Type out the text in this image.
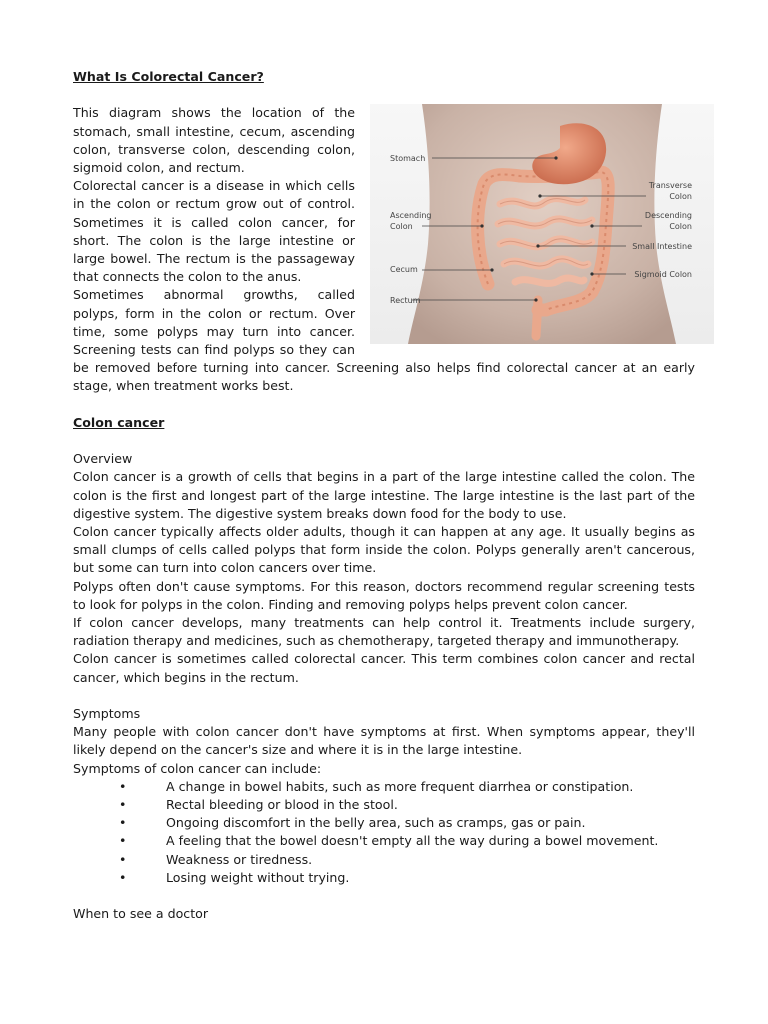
What Is Colorectal Cancer?

Stomach
Ascending
Colon
Cecum
Rectum
Transverse
Colon
Descending
Colon
Small Intestine
Sigmoid Colon

This diagram shows the location of the stomach, small intestine, cecum, ascending colon, transverse colon, descending colon, sigmoid colon, and rectum.

Colorectal cancer is a disease in which cells in the colon or rectum grow out of control. Sometimes it is called colon cancer, for short. The colon is the large intestine or large bowel. The rectum is the passageway that connects the colon to the anus.

Sometimes abnormal growths, called polyps, form in the colon or rectum. Over time, some polyps may turn into cancer. Screening tests can find polyps so they can be removed before turning into cancer. Screening also helps find colorectal cancer at an early stage, when treatment works best.

Colon cancer

Overview

Colon cancer is a growth of cells that begins in a part of the large intestine called the colon. The colon is the first and longest part of the large intestine. The large intestine is the last part of the digestive system. The digestive system breaks down food for the body to use.

Colon cancer typically affects older adults, though it can happen at any age. It usually begins as small clumps of cells called polyps that form inside the colon. Polyps generally aren't cancerous, but some can turn into colon cancers over time.

Polyps often don't cause symptoms. For this reason, doctors recommend regular screening tests to look for polyps in the colon. Finding and removing polyps helps prevent colon cancer.

If colon cancer develops, many treatments can help control it. Treatments include surgery, radiation therapy and medicines, such as chemotherapy, targeted therapy and immunotherapy.

Colon cancer is sometimes called colorectal cancer. This term combines colon cancer and rectal cancer, which begins in the rectum.

Symptoms

Many people with colon cancer don't have symptoms at first. When symptoms appear, they'll likely depend on the cancer's size and where it is in the large intestine.

Symptoms of colon cancer can include:

•	A change in bowel habits, such as more frequent diarrhea or constipation.
•	Rectal bleeding or blood in the stool.
•	Ongoing discomfort in the belly area, such as cramps, gas or pain.
•	A feeling that the bowel doesn't empty all the way during a bowel movement.
•	Weakness or tiredness.
•	Losing weight without trying.

When to see a doctor
